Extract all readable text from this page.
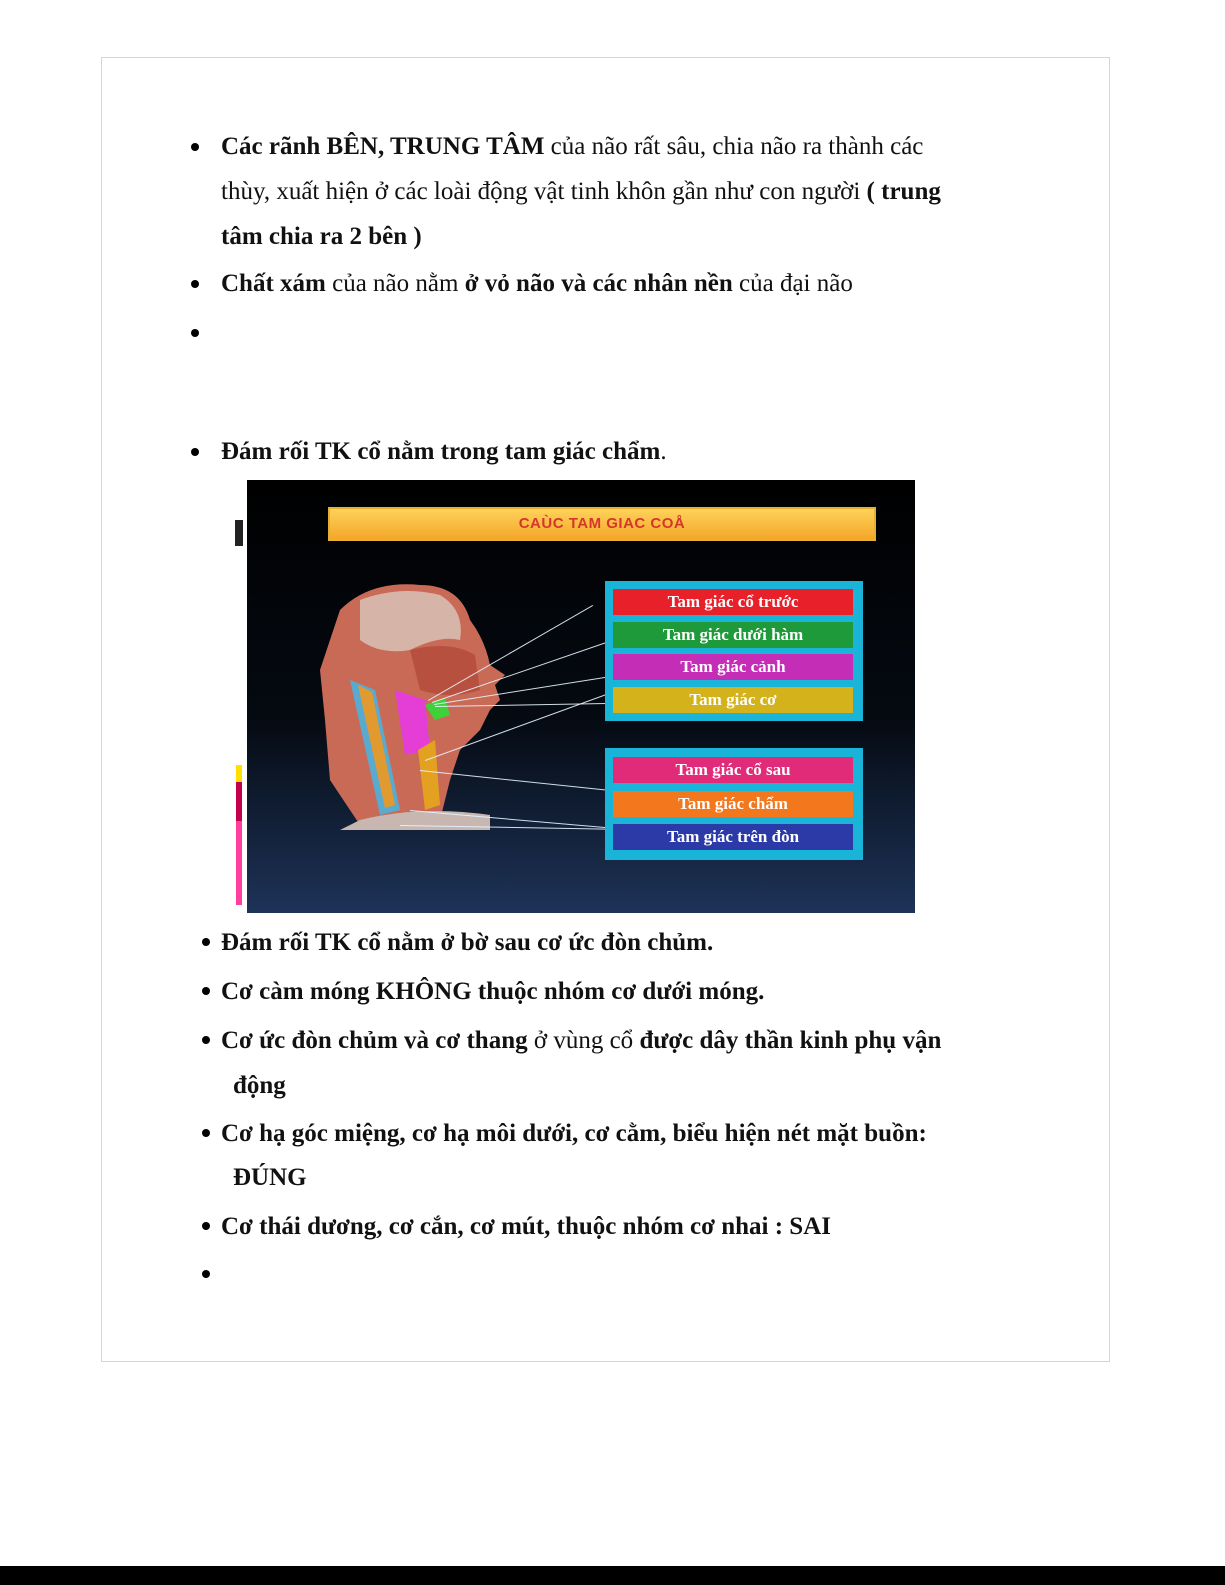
Các rãnh BÊN, TRUNG TÂM của não rất sâu, chia não ra thành các
thùy, xuất hiện ở các loài động vật tinh khôn gần như con người ( trung
tâm chia ra 2 bên )
Chất xám của não nằm ở vỏ não và các nhân nền của đại não
Đám rối TK cổ nằm trong tam giác chẩm.
CAÙC TAM GIAC COÅ
Tam giác cổ trước
Tam giác dưới hàm
Tam giác cảnh
Tam giác cơ
Tam giác cổ sau
Tam giác chẩm
Tam giác trên đòn
Đám rối TK cổ nằm ở bờ sau cơ ức đòn chủm.
Cơ càm móng KHÔNG thuộc nhóm cơ dưới móng.
Cơ ức đòn chủm và cơ thang ở vùng cổ được dây thần kinh phụ vận
động
Cơ hạ góc miệng, cơ hạ môi dưới, cơ cằm, biểu hiện nét mặt buồn:
ĐÚNG
Cơ thái dương, cơ cắn, cơ mút, thuộc nhóm cơ nhai : SAI
